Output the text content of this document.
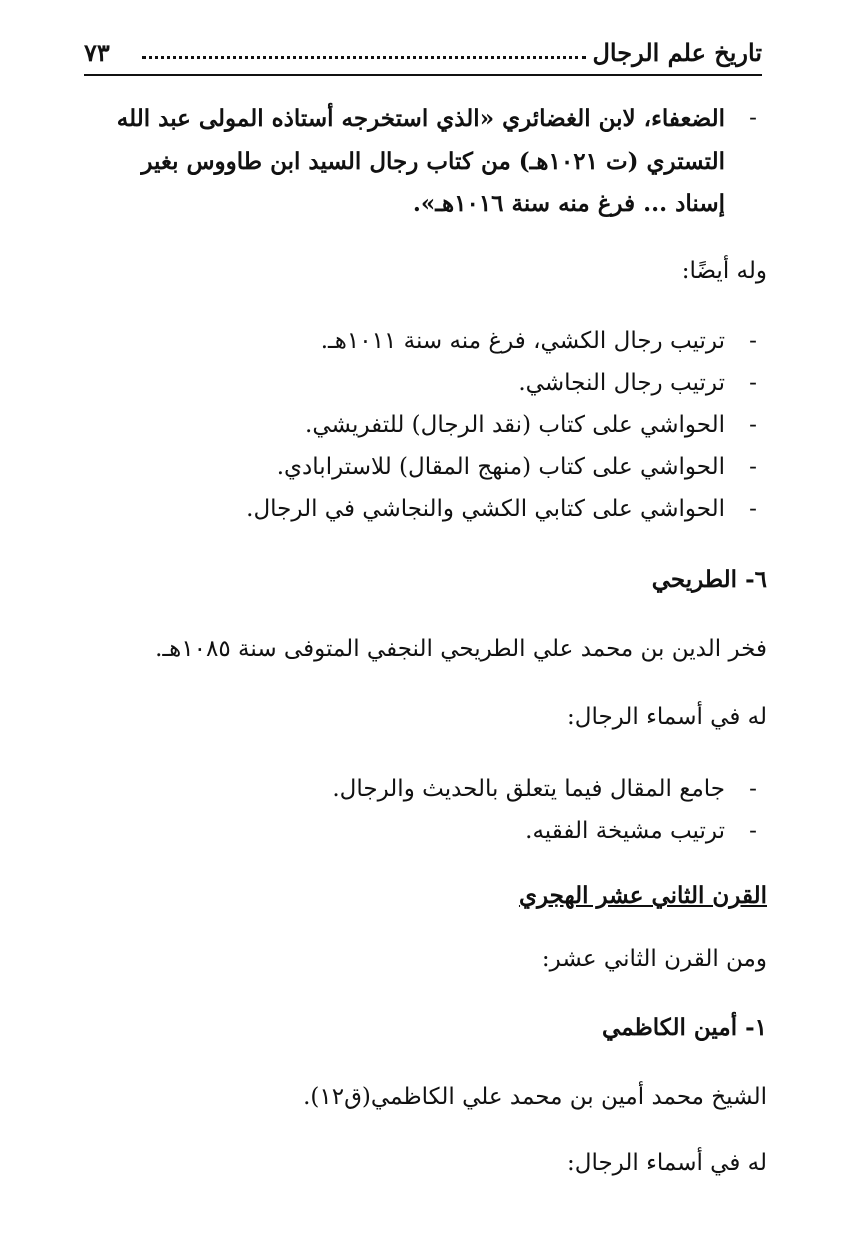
تاريخ علم الرجال
٧٣
-
الضعفاء، لابن الغضائري «الذي استخرجه أستاذه المولى عبد الله
التستري (ت ١٠٢١هـ) من كتاب رجال السيد ابن طاووس بغير
إسناد ... فرغ منه سنة ١٠١٦هـ».
وله أيضًا:
-
ترتيب رجال الكشي، فرغ منه سنة ١٠١١هـ.
-
ترتيب رجال النجاشي.
-
الحواشي على كتاب (نقد الرجال) للتفريشي.
-
الحواشي على كتاب (منهج المقال) للاسترابادي.
-
الحواشي على كتابي الكشي والنجاشي في الرجال.
٦- الطريحي
فخر الدين بن محمد علي الطريحي النجفي المتوفى سنة ١٠٨٥هـ.
له في أسماء الرجال:
-
جامع المقال فيما يتعلق بالحديث والرجال.
-
ترتيب مشيخة الفقيه.
القرن الثاني عشر الهجري
ومن القرن الثاني عشر:
١- أمين الكاظمي
الشيخ محمد أمين بن محمد علي الكاظمي(ق١٢).
له في أسماء الرجال:
